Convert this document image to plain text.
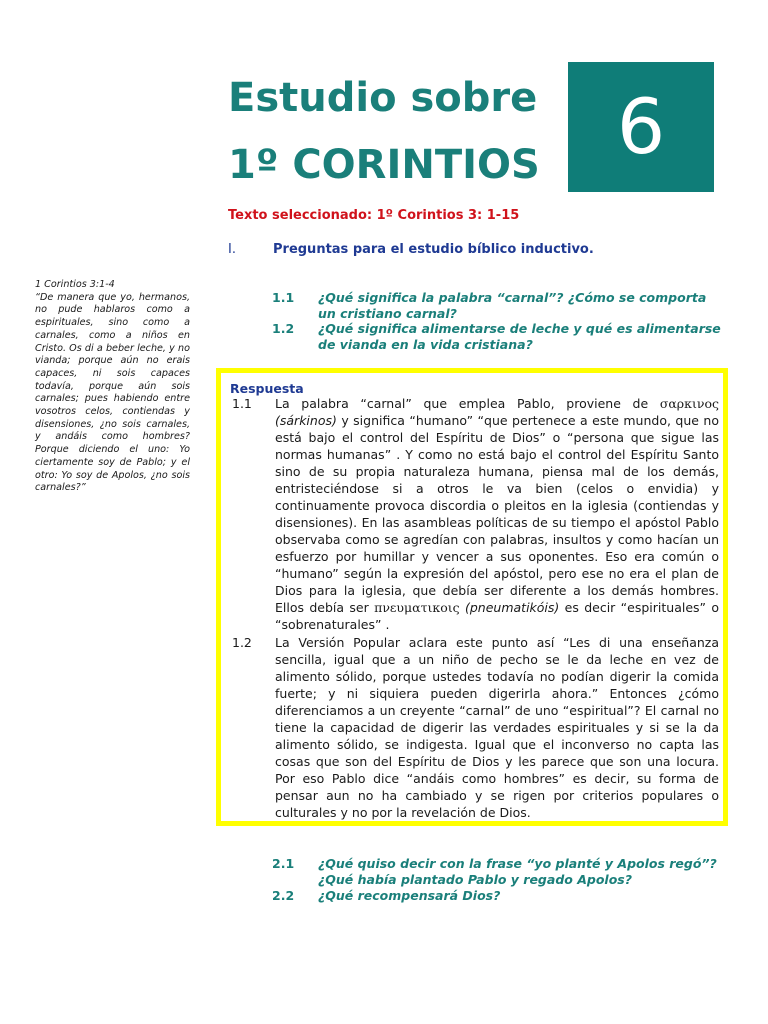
Estudio sobre
1º CORINTIOS	6
Texto seleccionado: 1º Corintios 3: 1-15
I.	Preguntas para el estudio bíblico inductivo.
1 Corintios 3:1-4
“De manera que yo, hermanos, no pude hablaros como a espirituales, sino como a carnales, como a niños en Cristo. Os di a beber leche, y no vianda; porque aún no erais capaces, ni sois capaces todavía, porque aún sois carnales; pues habiendo entre vosotros celos, contiendas y disensiones, ¿no sois carnales, y andáis como hombres? Porque diciendo el uno: Yo ciertamente soy de Pablo; y el otro: Yo soy de Apolos, ¿no sois carnales?”
1.1 ¿Qué significa la palabra “carnal”? ¿Cómo se comporta un cristiano carnal?
1.2 ¿Qué significa alimentarse de leche y qué es alimentarse de vianda en la vida cristiana?
Respuesta
1.1 La palabra “carnal” que emplea Pablo, proviene de σαρκινος (sárkinos) y significa “humano” “que pertenece a este mundo, que no está bajo el control del Espíritu de Dios” o “persona que sigue las normas humanas” . Y como no está bajo el control del Espíritu Santo sino de su propia naturaleza humana, piensa mal de los demás, entristeciéndose si a otros le va bien (celos o envidia) y continuamente provoca discordia o pleitos en la iglesia (contiendas y disensiones). En las asambleas políticas de su tiempo el apóstol Pablo observaba como se agredían con palabras, insultos y como hacían un esfuerzo por humillar y vencer a sus oponentes. Eso era común o “humano” según la expresión del apóstol, pero ese no era el plan de Dios para la iglesia, que debía ser diferente a los demás hombres. Ellos debía ser πνευματικοις (pneumatikóis) es decir “espirituales” o “sobrenaturales” .
1.2 La Versión Popular aclara este punto así “Les di una enseñanza sencilla, igual que a un niño de pecho se le da leche en vez de alimento sólido, porque ustedes todavía no podían digerir la comida fuerte; y ni siquiera pueden digerirla ahora.” Entonces ¿cómo diferenciamos a un creyente “carnal” de uno “espiritual”? El carnal no tiene la capacidad de digerir las verdades espirituales y si se la da alimento sólido, se indigesta. Igual que el inconverso no capta las cosas que son del Espíritu de Dios y les parece que son una locura. Por eso Pablo dice “andáis como hombres” es decir, su forma de pensar aun no ha cambiado y se rigen por criterios populares o culturales y no por la revelación de Dios.
2.1 ¿Qué quiso decir con la frase “yo planté y Apolos regó”? ¿Qué había plantado Pablo y regado Apolos?
2.2 ¿Qué recompensará Dios?
